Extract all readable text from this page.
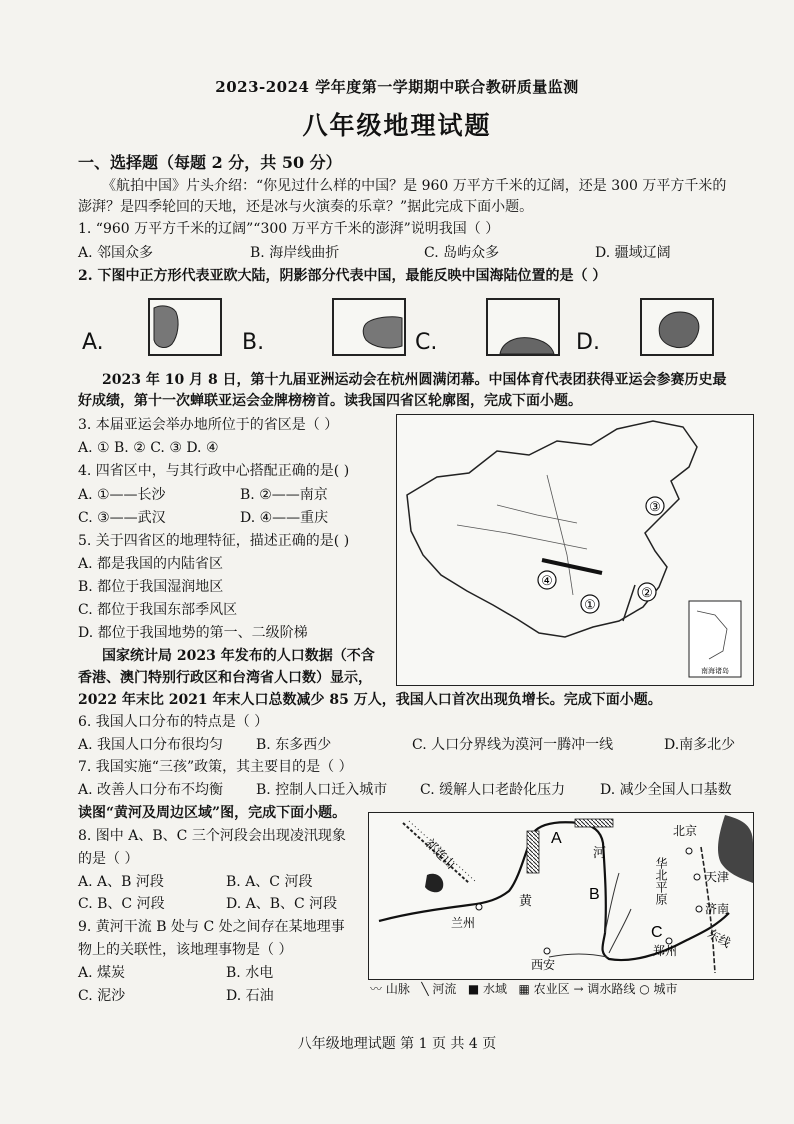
2023-2024 学年度第一学期期中联合教研质量监测
八年级地理试题
一、选择题（每题 2 分，共 50 分）
《航拍中国》片头介绍：“你见过什么样的中国？是 960 万平方千米的辽阔，还是 300 万平方千米的
澎湃？是四季轮回的天地，还是冰与火演奏的乐章？”据此完成下面小题。
1. “960 万平方千米的辽阔”“300 万平方千米的澎湃”说明我国（ ）
A. 邻国众多	B. 海岸线曲折	C. 岛屿众多	D. 疆域辽阔
2. 下图中正方形代表亚欧大陆，阴影部分代表中国，最能反映中国海陆位置的是（ ）
A.	B.	C.	D.
2023 年 10 月 8 日，第十九届亚洲运动会在杭州圆满闭幕。中国体育代表团获得亚运会参赛历史最
好成绩，第十一次蝉联亚运会金牌榜榜首。读我国四省区轮廓图，完成下面小题。
3. 本届亚运会举办地所位于的省区是（ ）
A. ① B. ② C. ③ D. ④
4. 四省区中，与其行政中心搭配正确的是( )
A. ①——长沙	B. ②——南京
C. ③——武汉	D. ④——重庆
5. 关于四省区的地理特征，描述正确的是( )
A. 都是我国的内陆省区
B. 都位于我国湿润地区
C. 都位于我国东部季风区
D. 都位于我国地势的第一、二级阶梯
国家统计局 2023 年发布的人口数据（不含
香港、澳门特别行政区和台湾省人口数）显示，
2022 年末比 2021 年末人口总数减少 85 万人，我国人口首次出现负增长。完成下面小题。
①
②
③
④
南海诸岛
6. 我国人口分布的特点是（ ）
A. 我国人口分布很均匀 B. 东多西少	C. 人口分界线为漠河一腾冲一线	D.南多北少
7. 我国实施“三孩”政策，其主要目的是（ ）
A. 改善人口分布不均衡 B. 控制人口迁入城市 C. 缓解人口老龄化压力 D. 减少全国人口基数
读图“黄河及周边区域”图，完成下面小题。
8. 图中 A、B、C 三个河段会出现凌汛现象
的是（ ）
A. A、B 河段	B. A、C 河段
C. B、C 河段	D. A、B、C 河段
9. 黄河干流 B 处与 C 处之间存在某地理事
物上的关联性，该地理事物是（ ）
A. 煤炭	B. 水电
C. 泥沙	D. 石油
祁连山	A
B
C
河
黄
兰州
西安
郑州
北京
天津
济南
华北平原
东线
〰 山脉 ╲ 河流 ■ 水域 ▦ 农业区 → 调水路线 ○ 城市
八年级地理试题 第 1 页 共 4 页
